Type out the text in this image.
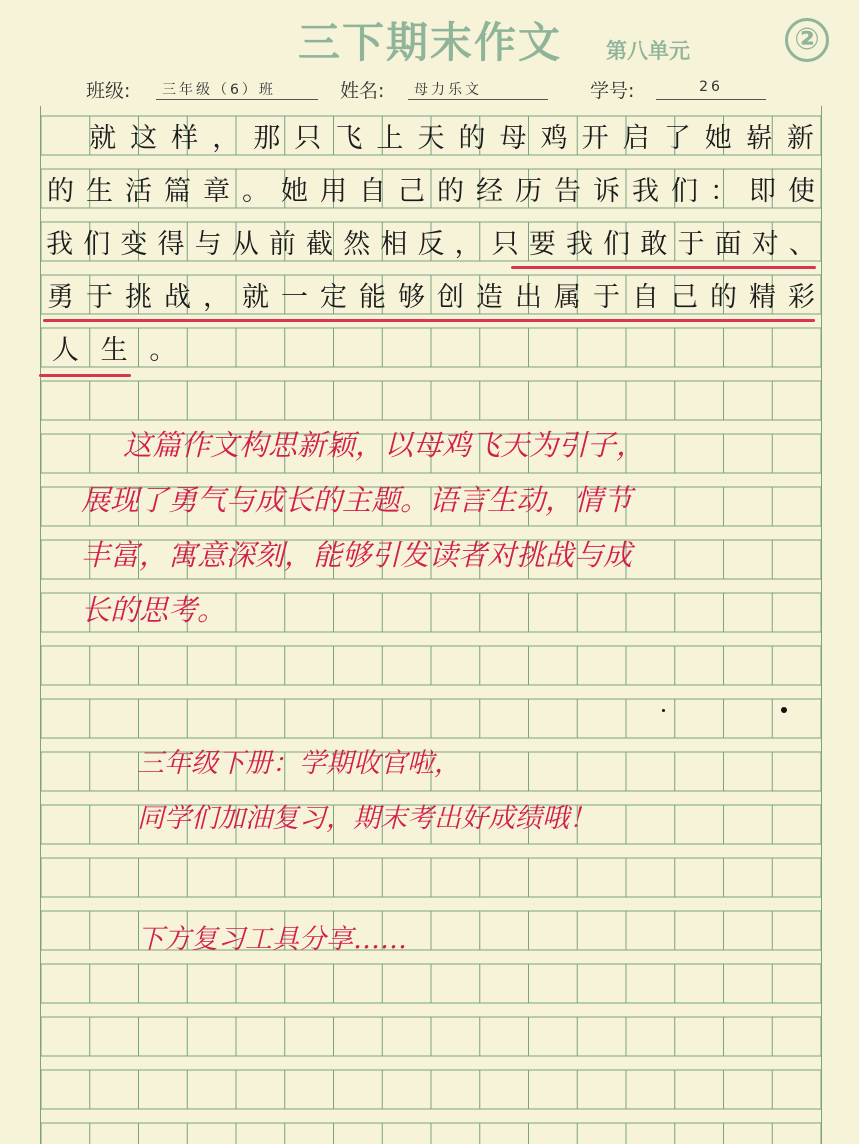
三下期末作文 第八单元	②
班级:	三年级（6）班	姓名:	母力乐文	学号:	26

就 这 样 ， 那 只 飞 上 天 的 母 鸡 开 启 了 她 崭 新
的 生 活 篇 章 。 她 用 自 己 的 经 历 告 诉 我 们 ： 即 使
我 们 变 得 与 从 前 截 然 相 反 ， 只 要 我 们 敢 于 面 对 、
勇 于 挑 战 ， 就 一 定 能 够 创 造 出 属 于 自 己 的 精 彩
人 生 。
这篇作文构思新颖，以母鸡飞天为引子，
展现了勇气与成长的主题。语言生动，情节
丰富，寓意深刻，能够引发读者对挑战与成
长的思考。
三年级下册：学期收官啦，
同学们加油复习，期末考出好成绩哦！
下方复习工具分享……
